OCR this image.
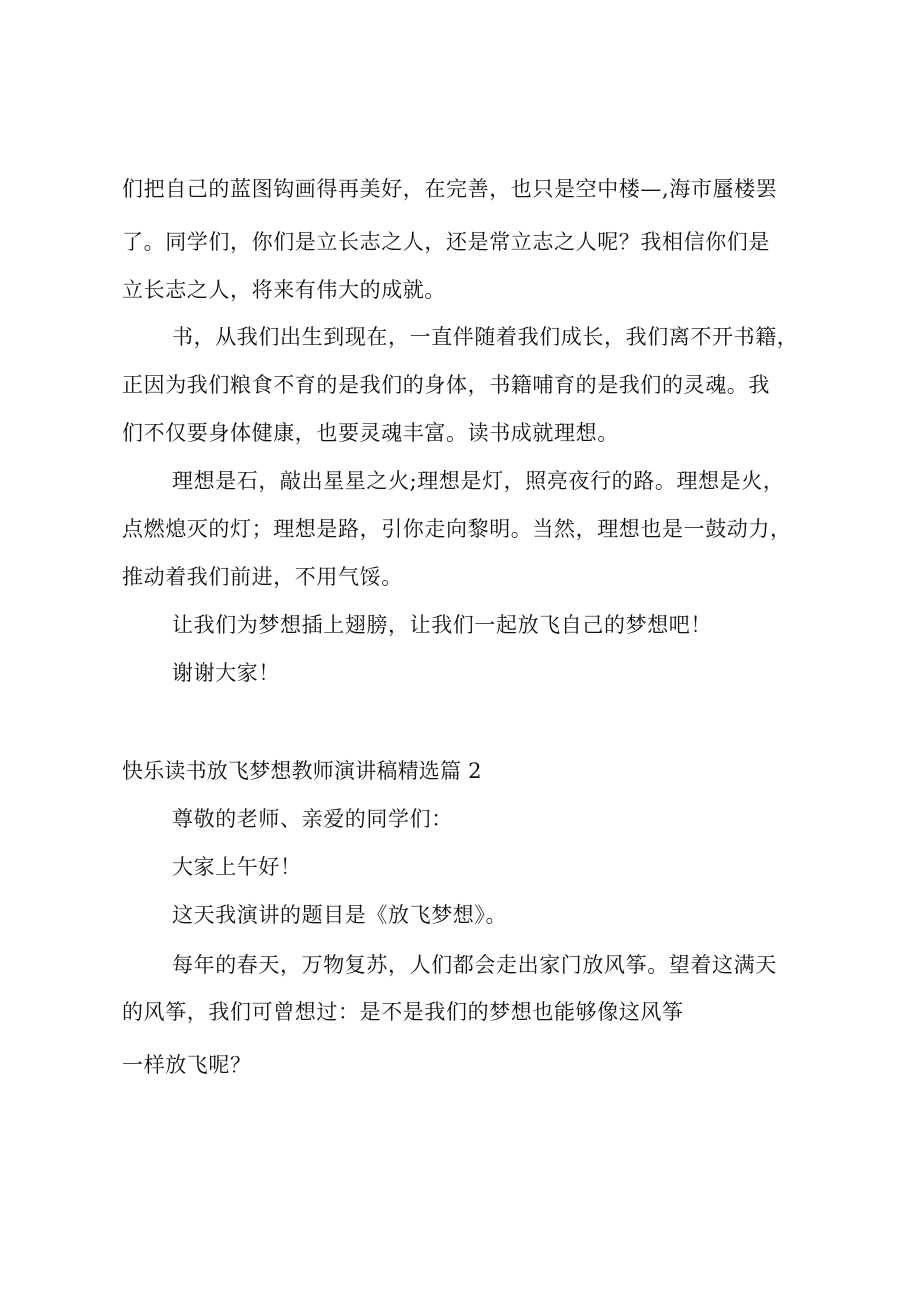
们把自己的蓝图钩画得再美好，在完善，也只是空中楼—,海市蜃楼罢
了。同学们，你们是立长志之人，还是常立志之人呢？我相信你们是
立长志之人，将来有伟大的成就。
书，从我们出生到现在，一直伴随着我们成长，我们离不开书籍，
正因为我们粮食不育的是我们的身体，书籍哺育的是我们的灵魂。我
们不仅要身体健康，也要灵魂丰富。读书成就理想。
理想是石，敲出星星之火;理想是灯，照亮夜行的路。理想是火，
点燃熄灭的灯；理想是路，引你走向黎明。当然，理想也是一鼓动力，
推动着我们前进，不用气馁。
让我们为梦想插上翅膀，让我们一起放飞自己的梦想吧！
谢谢大家！
快乐读书放飞梦想教师演讲稿精选篇 2
尊敬的老师、亲爱的同学们：
大家上午好！
这天我演讲的题目是《放飞梦想》。
每年的春天，万物复苏，人们都会走出家门放风筝。望着这满天
的风筝，我们可曾想过：是不是我们的梦想也能够像这风筝
一样放飞呢？
